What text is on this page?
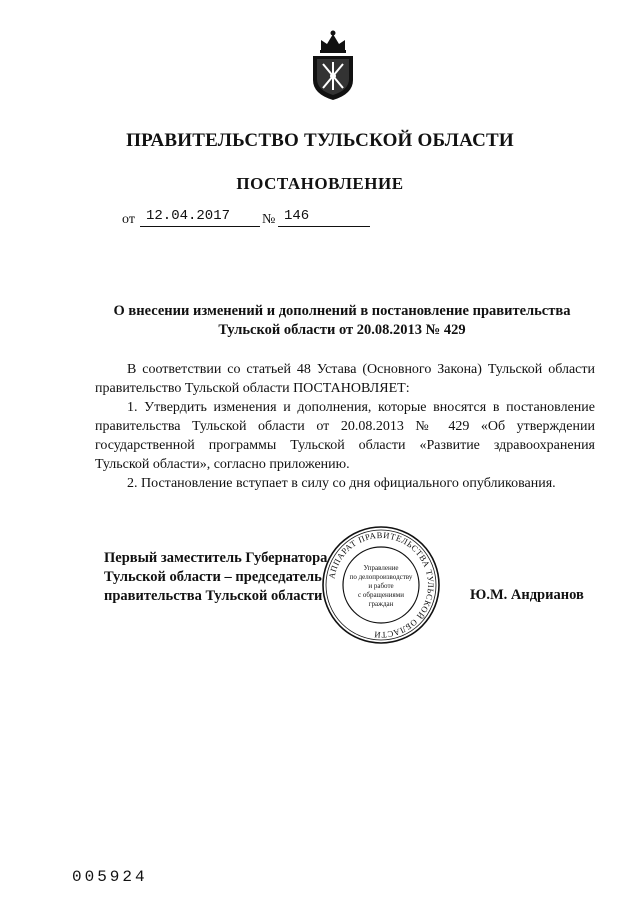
ПРАВИТЕЛЬСТВО ТУЛЬСКОЙ ОБЛАСТИ
ПОСТАНОВЛЕНИЕ
от 12.04.2017 № 146
О внесении изменений и дополнений в постановление правительства
Тульской области от 20.08.2013 № 429

В соответствии со статьей 48 Устава (Основного Закона) Тульской области правительство Тульской области ПОСТАНОВЛЯЕТ:

1. Утвердить изменения и дополнения, которые вносятся в постановление правительства Тульской области от 20.08.2013 № 429 «Об утверждении государственной программы Тульской области «Развитие здравоохранения Тульской области», согласно приложению.

2. Постановление вступает в силу со дня официального опубликования.

Первый заместитель Губернатора
Тульской области – председатель
правительства Тульской области
АППАРАТ ПРАВИТЕЛЬСТВА ТУЛЬСКОЙ ОБЛАСТИ
Управление
по делопроизводству
и работе
с обращениями
граждан
Ю.М. Андрианов
005924
